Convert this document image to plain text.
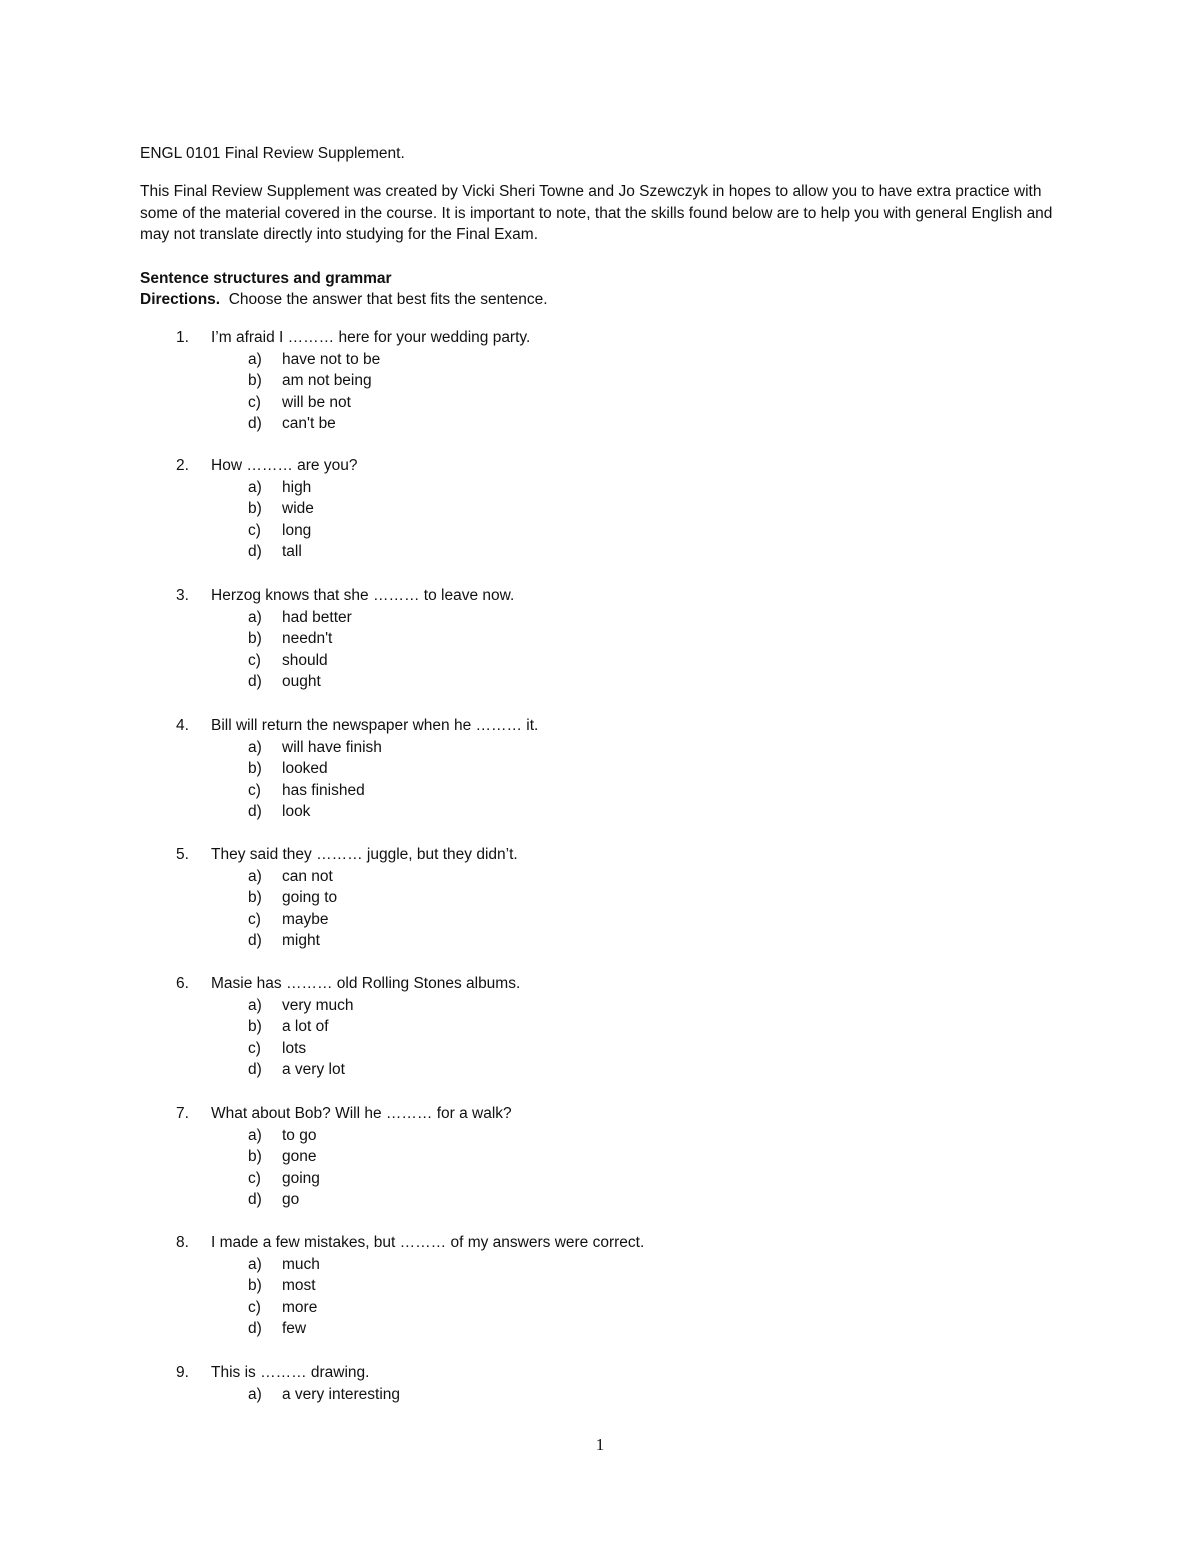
ENGL 0101 Final Review Supplement.

This Final Review Supplement was created by Vicki Sheri Towne and Jo Szewczyk in hopes to allow you to have extra practice with some of the material covered in the course. It is important to note, that the skills found below are to help you with general English and may not translate directly into studying for the Final Exam.

Sentence structures and grammar

Directions.  Choose the answer that best fits the sentence.

1. I’m afraid I ……… here for your wedding party.
a) have not to be
b) am not being
c) will be not
d) can't be
2. How ……… are you?
a) high
b) wide
c) long
d) tall
3. Herzog knows that she ……… to leave now.
a) had better
b) needn't
c) should
d) ought
4. Bill will return the newspaper when he ……… it.
a) will have finish
b) looked
c) has finished
d) look
5. They said they ……… juggle, but they didn’t.
a) can not
b) going to
c) maybe
d) might
6. Masie has ……… old Rolling Stones albums.
a) very much
b) a lot of
c) lots
d) a very lot
7. What about Bob? Will he ……… for a walk?
a) to go
b) gone
c) going
d) go
8. I made a few mistakes, but ……… of my answers were correct.
a) much
b) most
c) more
d) few
9. This is ……… drawing.
a) a very interesting

1
